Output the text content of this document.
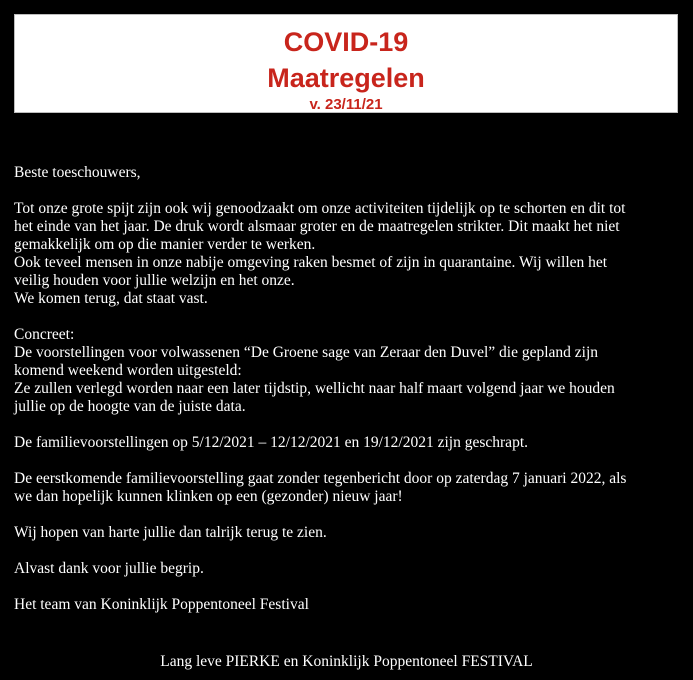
COVID-19
Maatregelen
v. 23/11/21

Beste toeschouwers,

Tot onze grote spijt zijn ook wij genoodzaakt om onze activiteiten tijdelijk op te schorten en dit tot
het einde van het jaar. De druk wordt alsmaar groter en de maatregelen strikter. Dit maakt het niet
gemakkelijk om op die manier verder te werken.
Ook teveel mensen in onze nabije omgeving raken besmet of zijn in quarantaine. Wij willen het
veilig houden voor jullie welzijn en het onze.
We komen terug, dat staat vast.

Concreet:
De voorstellingen voor volwassenen “De Groene sage van Zeraar den Duvel” die gepland zijn
komend weekend worden uitgesteld:
Ze zullen verlegd worden naar een later tijdstip, wellicht naar half maart volgend jaar we houden
jullie op de hoogte van de juiste data.

De familievoorstellingen op 5/12/2021 – 12/12/2021 en 19/12/2021 zijn geschrapt.

De eerstkomende familievoorstelling gaat zonder tegenbericht door op zaterdag 7 januari 2022, als
we dan hopelijk kunnen klinken op een (gezonder) nieuw jaar!

Wij hopen van harte jullie dan talrijk terug te zien.

Alvast dank voor jullie begrip.

Het team van Koninklijk Poppentoneel Festival

Lang leve PIERKE en Koninklijk Poppentoneel FESTIVAL
